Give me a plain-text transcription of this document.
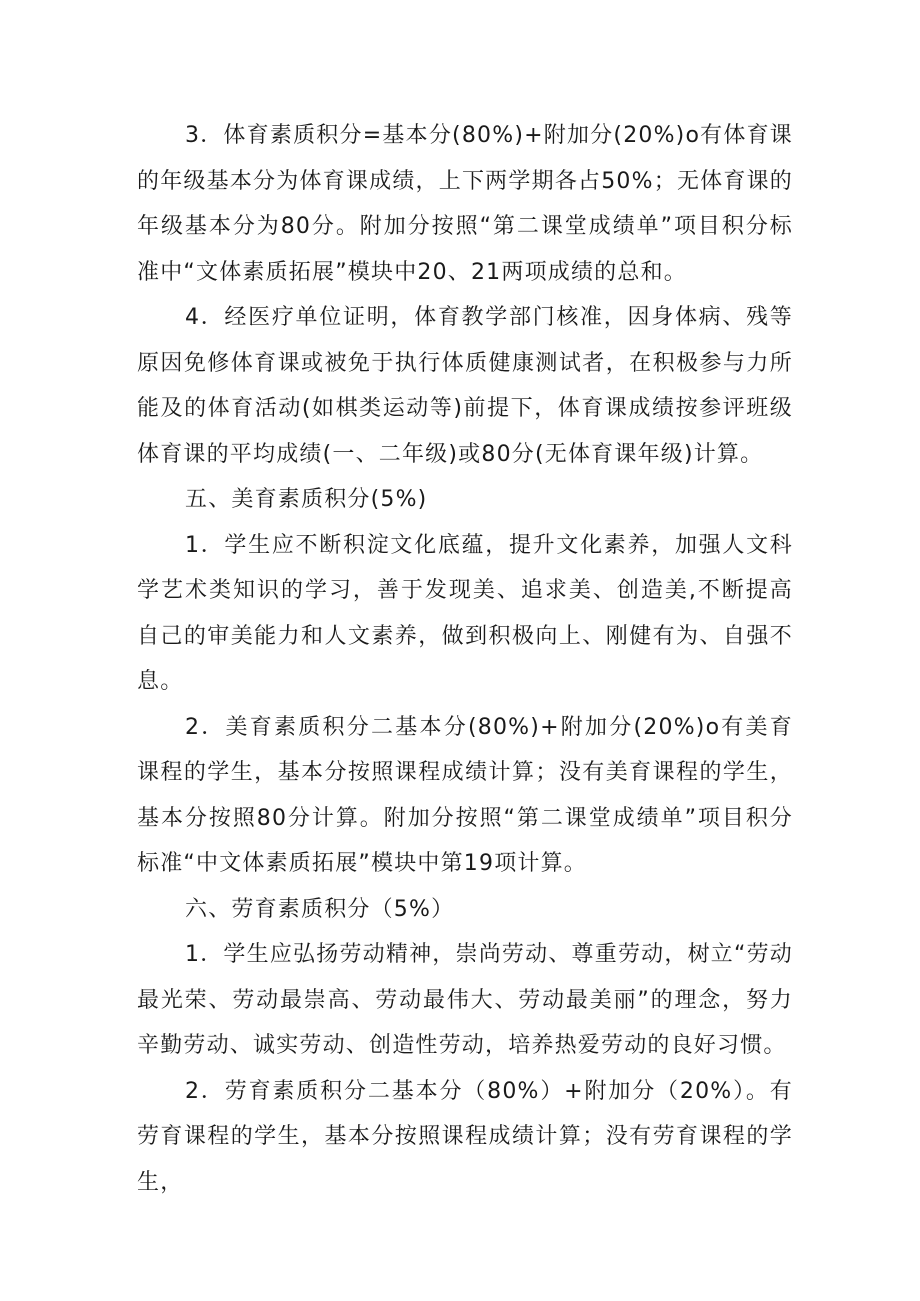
3．体育素质积分=基本分(80%)+附加分(20%)o有体育课的年级基本分为体育课成绩，上下两学期各占50%；无体育课的年级基本分为80分。附加分按照“第二课堂成绩单”项目积分标准中“文体素质拓展”模块中20、21两项成绩的总和。

4．经医疗单位证明，体育教学部门核准，因身体病、残等原因免修体育课或被免于执行体质健康测试者，在积极参与力所能及的体育活动(如棋类运动等)前提下，体育课成绩按参评班级体育课的平均成绩(一、二年级)或80分(无体育课年级)计算。

五、美育素质积分(5%)

1．学生应不断积淀文化底蕴，提升文化素养，加强人文科学艺术类知识的学习，善于发现美、追求美、创造美,不断提高自己的审美能力和人文素养，做到积极向上、刚健有为、自强不息。

2．美育素质积分二基本分(80%)+附加分(20%)o有美育课程的学生，基本分按照课程成绩计算；没有美育课程的学生，基本分按照80分计算。附加分按照“第二课堂成绩单”项目积分标准“中文体素质拓展”模块中第19项计算。

六、劳育素质积分（5%）

1．学生应弘扬劳动精神，崇尚劳动、尊重劳动，树立“劳动最光荣、劳动最崇高、劳动最伟大、劳动最美丽”的理念，努力辛勤劳动、诚实劳动、创造性劳动，培养热爱劳动的良好习惯。

2．劳育素质积分二基本分（80%）+附加分（20%）。有劳育课程的学生，基本分按照课程成绩计算；没有劳育课程的学生，
